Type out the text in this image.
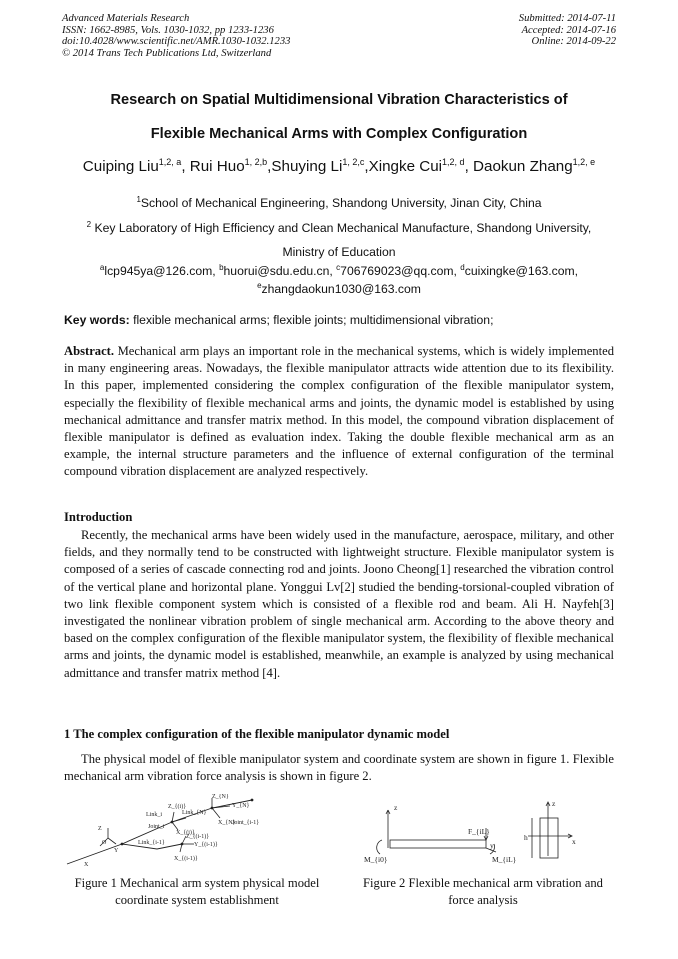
Advanced Materials Research
ISSN: 1662-8985, Vols. 1030-1032, pp 1233-1236
doi:10.4028/www.scientific.net/AMR.1030-1032.1233
© 2014 Trans Tech Publications Ltd, Switzerland
Submitted: 2014-07-11
Accepted: 2014-07-16
Online: 2014-09-22
Research on Spatial Multidimensional Vibration Characteristics of
Flexible Mechanical Arms with Complex Configuration
Cuiping Liu$^{1,2, a}$, Rui Huo$^{1, 2,b}$,Shuying Li$^{1, 2,c}$,Xingke Cui$^{1,2, d}$, Daokun Zhang$^{1,2, e}$
$^1$School of Mechanical Engineering, Shandong University, Jinan City, China
$^2$ Key Laboratory of High Efficiency and Clean Mechanical Manufacture, Shandong University,
Ministry of Education
$^a$lcp945ya@126.com, $^b$huorui@sdu.edu.cn, $^c$706769023@qq.com, $^d$cuixingke@163.com,
$^e$zhangdaokun1030@163.com
Key words: flexible mechanical arms; flexible joints; multidimensional vibration;
Abstract. Mechanical arm plays an important role in the mechanical systems, which is widely implemented in many engineering areas. Nowadays, the flexible manipulator attracts wide attention due to its flexibility. In this paper, implemented considering the complex configuration of the flexible manipulator system, especially the flexibility of flexible mechanical arms and joints, the dynamic model is established by using mechanical admittance and transfer matrix method. In this model, the compound vibration displacement of flexible manipulator is defined as evaluation index. Taking the double flexible mechanical arm as an example, the internal structure parameters and the influence of external configuration of the terminal compound vibration displacement are analyzed respectively.
Introduction
Recently, the mechanical arms have been widely used in the manufacture, aerospace, military, and other fields, and they normally tend to be constructed with lightweight structure. Flexible manipulator system is composed of a series of cascade connecting rod and joints. Joono Cheong[1] researched the vibration control of the vertical plane and horizontal plane. Yonggui Lv[2] studied the bending-torsional-coupled vibration of two link flexible component system which is consisted of a flexible rod and beam. Ali H. Nayfeh[3] investigated the nonlinear vibration problem of single mechanical arm. According to the above theory and based on the complex configuration of the flexible manipulator system, the flexibility of flexible mechanical arms and joints, the dynamic model is established, meanwhile, an example is analyzed by using mechanical admittance and transfer matrix method [4].
1 The complex configuration of the flexible manipulator dynamic model
The physical model of flexible manipulator system and coordinate system are shown in figure 1. Flexible mechanical arm vibration force analysis is shown in figure 2.
Z
O
X
Y
Link_i
Joint_i
Z_{(i)}
Link_{N}
X_{(i)}
Z_{N}
Y_{N}
X_{N}
Joint_{i-1}
Link_{i-1}
Z_{(i-1)}
Y_{(i-1)}
X_{(i-1)}
z
y
F_{iL}
M_{i0}	M_{iL}
z
x
h
Figure 1 Mechanical arm system physical model coordinate system establishment
Figure 2 Flexible mechanical arm vibration and force analysis
